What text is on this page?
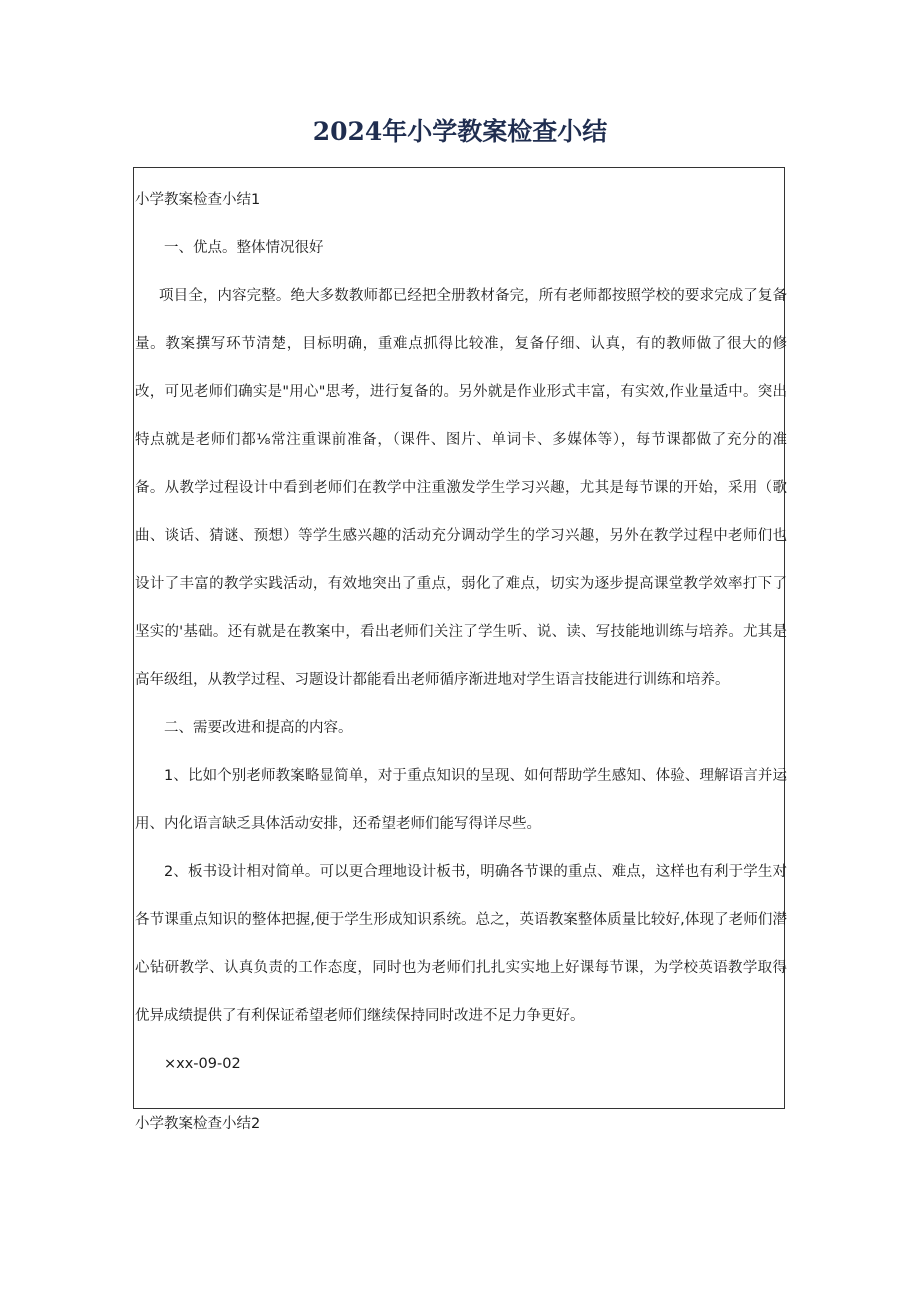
2024年小学教案检查小结

小学教案检查小结1

一、优点。整体情况很好

项目全，内容完整。绝大多数教师都已经把全册教材备完，所有老师都按照学校的要求完成了复备量。教案撰写环节清楚，目标明确，重难点抓得比较准，复备仔细、认真，有的教师做了很大的修改，可见老师们确实是"用心"思考，进行复备的。另外就是作业形式丰富，有实效,作业量适中。突出特点就是老师们都⅛常注重课前准备，（课件、图片、单词卡、多媒体等），每节课都做了充分的准备。从教学过程设计中看到老师们在教学中注重激发学生学习兴趣，尤其是每节课的开始，采用（歌曲、谈话、猜谜、预想）等学生感兴趣的活动充分调动学生的学习兴趣，另外在教学过程中老师们也设计了丰富的教学实践活动，有效地突出了重点，弱化了难点，切实为逐步提高课堂教学效率打下了坚实的'基础。还有就是在教案中，看出老师们关注了学生听、说、读、写技能地训练与培养。尤其是高年级组，从教学过程、习题设计都能看出老师循序渐进地对学生语言技能进行训练和培养。

二、需要改进和提高的内容。

1、比如个别老师教案略显简单，对于重点知识的呈现、如何帮助学生感知、体验、理解语言并运用、内化语言缺乏具体活动安排，还希望老师们能写得详尽些。

2、板书设计相对简单。可以更合理地设计板书，明确各节课的重点、难点，这样也有利于学生对各节课重点知识的整体把握,便于学生形成知识系统。总之，英语教案整体质量比较好,体现了老师们潜心钻研教学、认真负责的工作态度，同时也为老师们扎扎实实地上好课每节课，为学校英语教学取得优异成绩提供了有利保证希望老师们继续保持同时改进不足力争更好。

×xx-09-02

小学教案检查小结2
